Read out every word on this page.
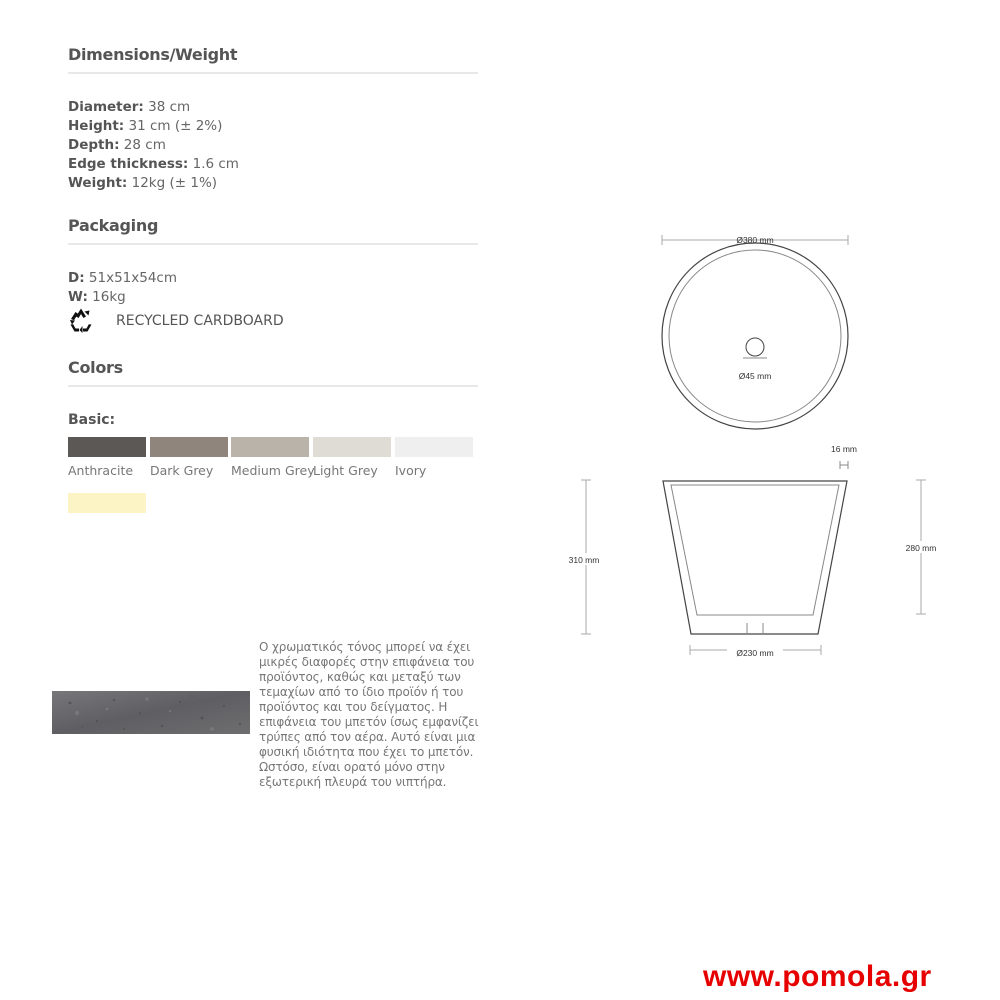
Dimensions/Weight
Diameter: 38 cm
Height: 31 cm (± 2%)
Depth: 28 cm
Edge thickness: 1.6 cm
Weight: 12kg (± 1%)
Packaging
D: 51x51x54cm
W: 16kg
RECYCLED CARDBOARD
Colors
Basic:
Anthracite Dark Grey Medium Grey
Light Grey Ivory
Ο χρωματικός τόνος μπορεί να έχει μικρές διαφορές στην επιφάνεια του προϊόντος, καθώς και μεταξύ των τεμαχίων από το ίδιο προϊόν ή του προϊόντος και του δείγματος. Η επιφάνεια του μπετόν ίσως εμφανίζει τρύπες από τον αέρα. Αυτό είναι μια φυσική ιδιότητα που έχει το μπετόν. Ωστόσο, είναι ορατό μόνο στην εξωτερική πλευρά του νιπτήρα.
Ø380 mm
Ø45 mm
16 mm
310 mm
280 mm
Ø230 mm
www.pomola.gr
